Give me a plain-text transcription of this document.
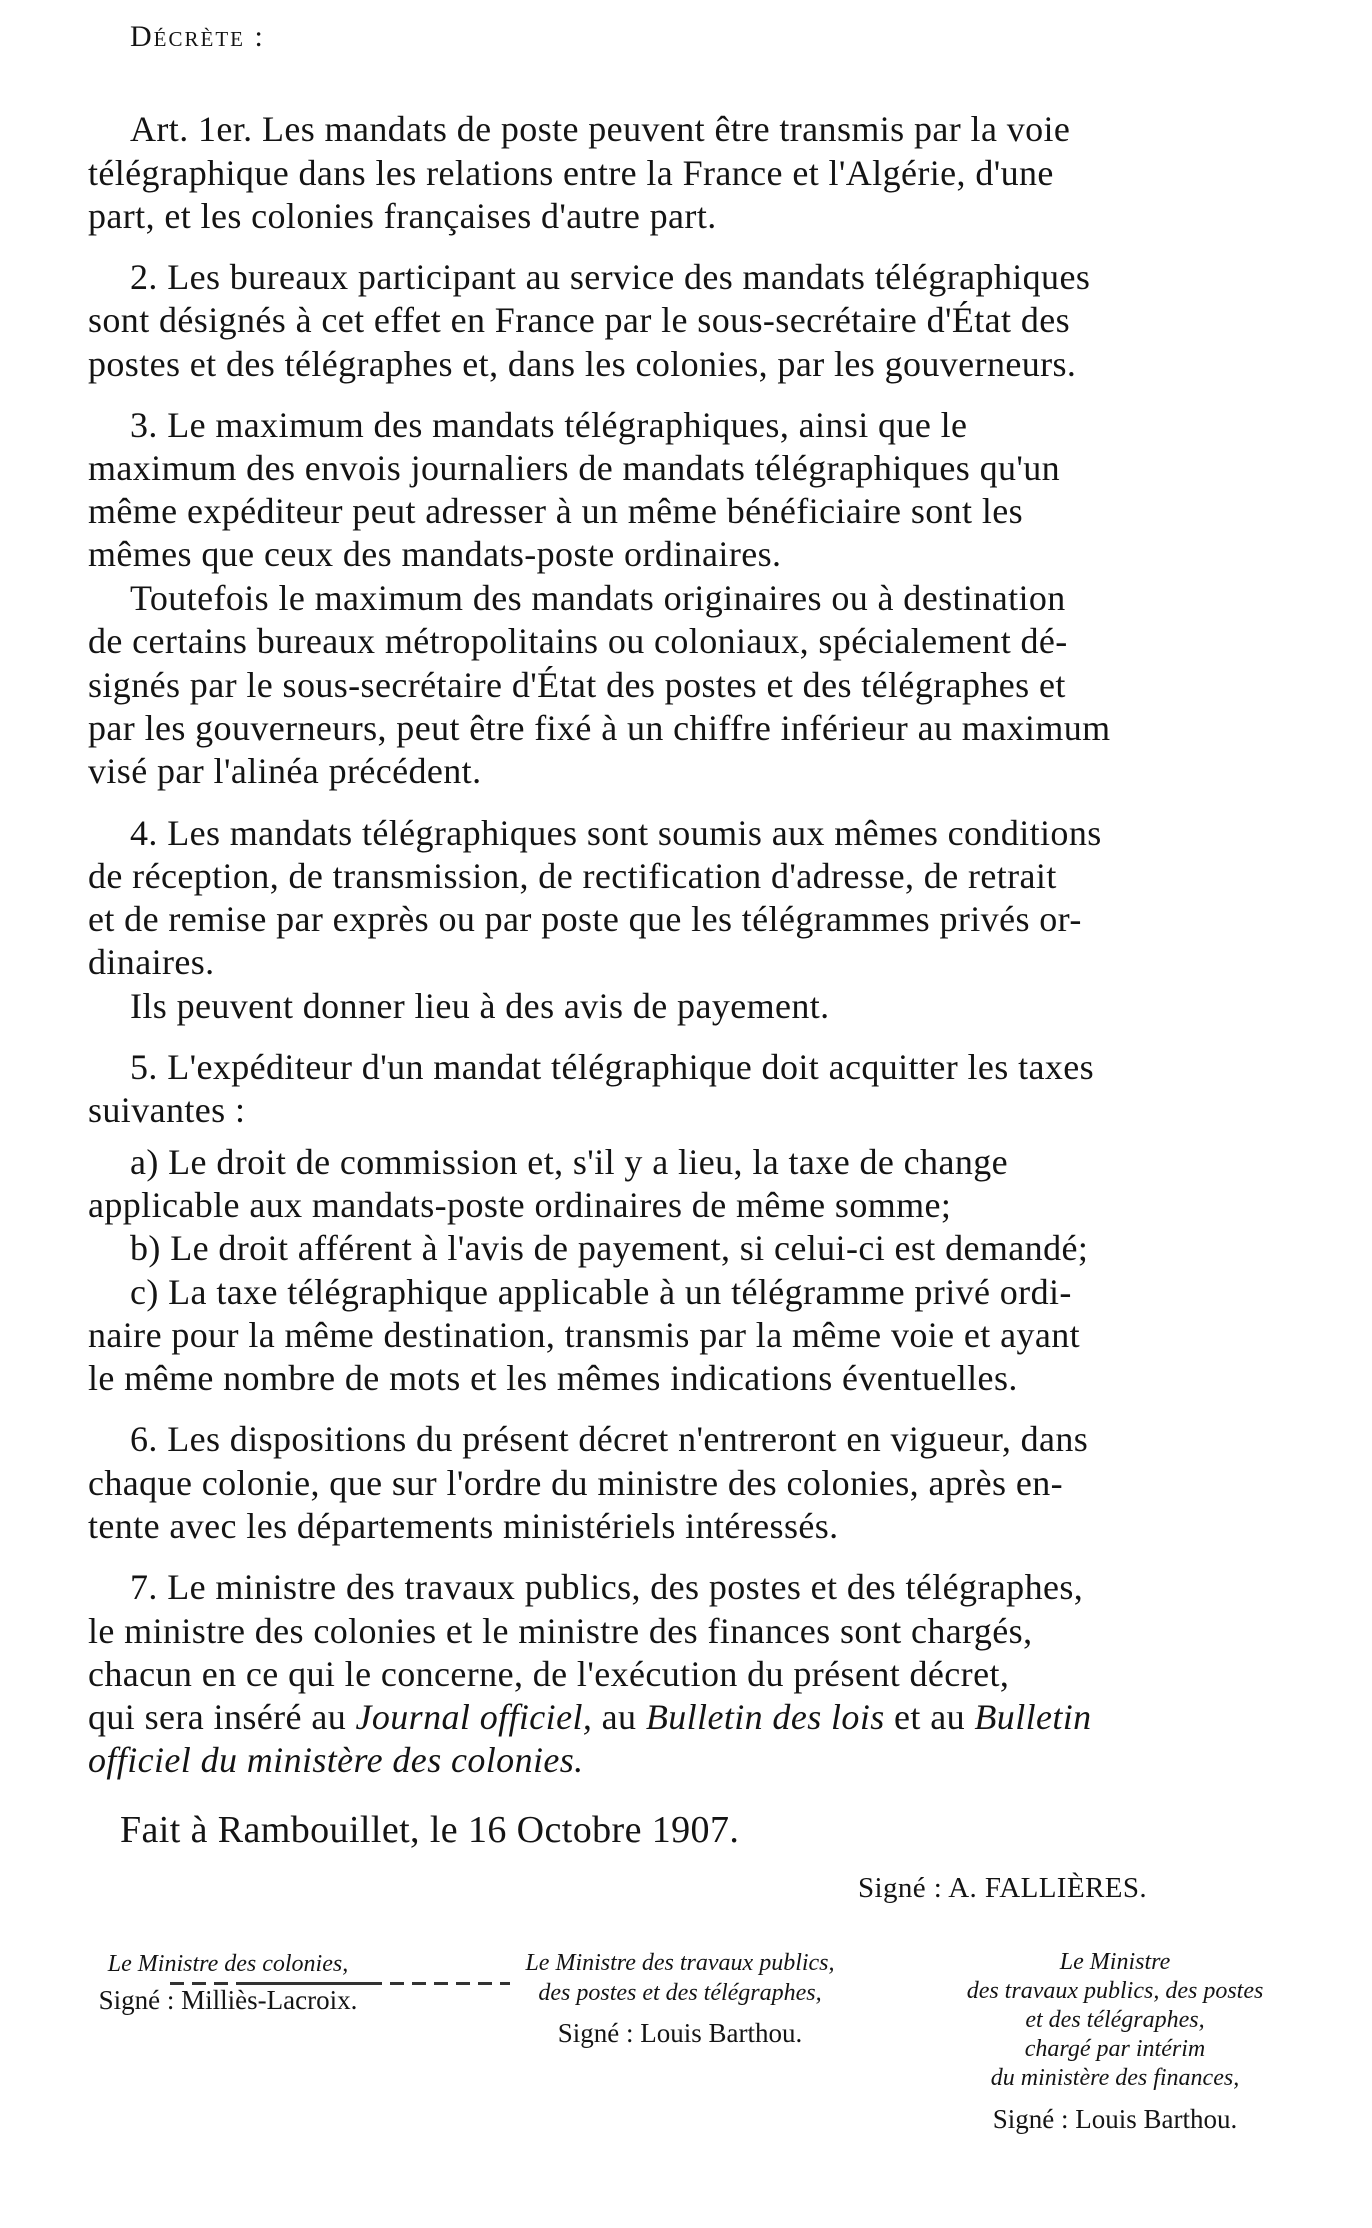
Décrète :
Art. 1er. Les mandats de poste peuvent être transmis par la voie
télégraphique dans les relations entre la France et l'Algérie, d'une
part, et les colonies françaises d'autre part.
2. Les bureaux participant au service des mandats télégraphiques
sont désignés à cet effet en France par le sous-secrétaire d'État des
postes et des télégraphes et, dans les colonies, par les gouverneurs.
3. Le maximum des mandats télégraphiques, ainsi que le
maximum des envois journaliers de mandats télégraphiques qu'un
même expéditeur peut adresser à un même bénéficiaire sont les
mêmes que ceux des mandats-poste ordinaires.
Toutefois le maximum des mandats originaires ou à destination
de certains bureaux métropolitains ou coloniaux, spécialement dé-
signés par le sous-secrétaire d'État des postes et des télégraphes et
par les gouverneurs, peut être fixé à un chiffre inférieur au maximum
visé par l'alinéa précédent.
4. Les mandats télégraphiques sont soumis aux mêmes conditions
de réception, de transmission, de rectification d'adresse, de retrait
et de remise par exprès ou par poste que les télégrammes privés or-
dinaires.
Ils peuvent donner lieu à des avis de payement.
5. L'expéditeur d'un mandat télégraphique doit acquitter les taxes
suivantes :
a) Le droit de commission et, s'il y a lieu, la taxe de change
applicable aux mandats-poste ordinaires de même somme;
b) Le droit afférent à l'avis de payement, si celui-ci est demandé;
c) La taxe télégraphique applicable à un télégramme privé ordi-
naire pour la même destination, transmis par la même voie et ayant
le même nombre de mots et les mêmes indications éventuelles.
6. Les dispositions du présent décret n'entreront en vigueur, dans
chaque colonie, que sur l'ordre du ministre des colonies, après en-
tente avec les départements ministériels intéressés.
7. Le ministre des travaux publics, des postes et des télégraphes,
le ministre des colonies et le ministre des finances sont chargés,
chacun en ce qui le concerne, de l'exécution du présent décret,
qui sera inséré au Journal officiel, au Bulletin des lois et au Bulletin
officiel du ministère des colonies.
Fait à Rambouillet, le 16 Octobre 1907.
Signé : A. FALLIÈRES.
Le Ministre des colonies,
Signé : Milliès-Lacroix.
Le Ministre des travaux publics,
des postes et des télégraphes,
Signé : Louis Barthou.
Le Ministre
des travaux publics, des postes
et des télégraphes,
chargé par intérim
du ministère des finances,
Signé : Louis Barthou.
